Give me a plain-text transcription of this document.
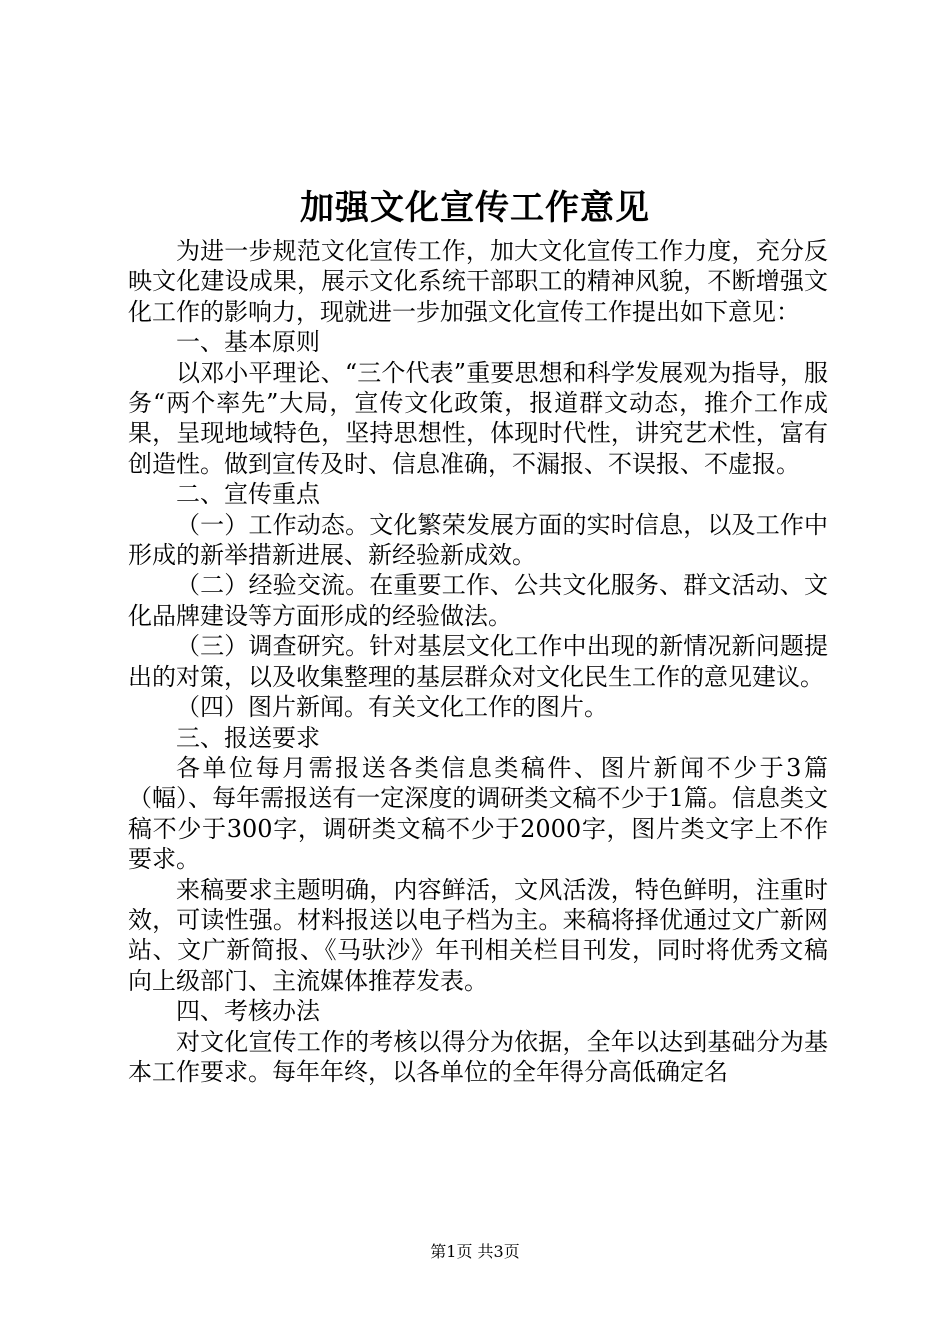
加强文化宣传工作意见

为进一步规范文化宣传工作，加大文化宣传工作力度，充分反映文化建设成果，展示文化系统干部职工的精神风貌，不断增强文化工作的影响力，现就进一步加强文化宣传工作提出如下意见：

一、基本原则

以邓小平理论、“三个代表”重要思想和科学发展观为指导，服务“两个率先”大局，宣传文化政策，报道群文动态，推介工作成果，呈现地域特色，坚持思想性，体现时代性，讲究艺术性，富有创造性。做到宣传及时、信息准确，不漏报、不误报、不虚报。

二、宣传重点

（一）工作动态。文化繁荣发展方面的实时信息，以及工作中形成的新举措新进展、新经验新成效。

（二）经验交流。在重要工作、公共文化服务、群文活动、文化品牌建设等方面形成的经验做法。

（三）调查研究。针对基层文化工作中出现的新情况新问题提出的对策，以及收集整理的基层群众对文化民生工作的意见建议。

（四）图片新闻。有关文化工作的图片。

三、报送要求

各单位每月需报送各类信息类稿件、图片新闻不少于3篇（幅）、每年需报送有一定深度的调研类文稿不少于1篇。信息类文稿不少于300字，调研类文稿不少于2000字，图片类文字上不作要求。

来稿要求主题明确，内容鲜活，文风活泼，特色鲜明，注重时效，可读性强。材料报送以电子档为主。来稿将择优通过文广新网站、文广新简报、《马驮沙》年刊相关栏目刊发，同时将优秀文稿向上级部门、主流媒体推荐发表。

四、考核办法

对文化宣传工作的考核以得分为依据，全年以达到基础分为基本工作要求。每年年终，以各单位的全年得分高低确定名

第1页 共3页
